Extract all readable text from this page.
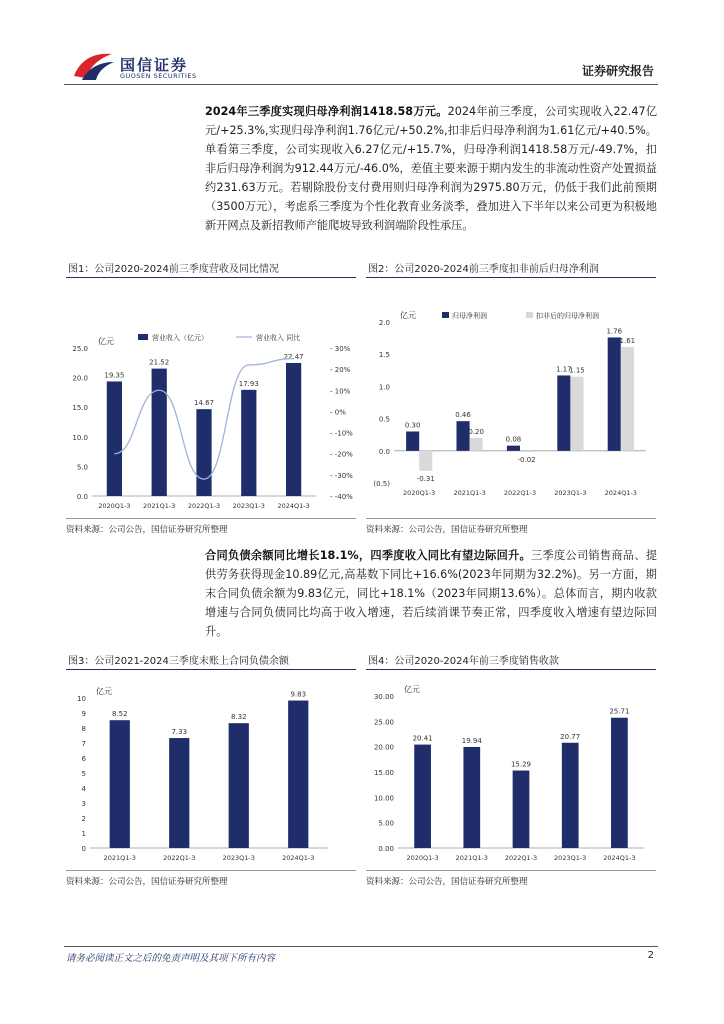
国信证券
GUOSEN SECURITIES	证券研究报告
2024年三季度实现归母净利润1418.58万元。2024年前三季度，公司实现收入22.47亿元/+25.3%,实现归母净利润1.76亿元/+50.2%,扣非后归母净利润为1.61亿元/+40.5%。单看第三季度，公司实现收入6.27亿元/+15.7%，归母净利润1418.58万元/-49.7%，扣非后归母净利润为912.44万元/-46.0%，差值主要来源于期内发生的非流动性资产处置损益约231.63万元。若剔除股份支付费用则归母净利润为2975.80万元，仍低于我们此前预期（3500万元），考虑系三季度为个性化教育业务淡季，叠加进入下半年以来公司更为积极地新开网点及新招教师产能爬坡导致利润端阶段性承压。
图1：公司2020-2024前三季度营收及同比情况
亿元
0.0
5.0
10.0
15.0
20.0
25.0
19.35
21.52
14.67
17.93
22.47
2020Q1-3 2021Q1-3 2022Q1-3 2023Q1-3 2024Q1-3
- 30%
- 20%
- 10%
- 0%
- -10%
- -20%
- -30%
- -40%
营业收入（亿元）	营业收入 同比
资料来源：公司公告，国信证券研究所整理
图2：公司2020-2024前三季度扣非前后归母净利润
亿元
(0.5)
0.0
0.5
1.0
1.5
2.0
0.30
0.46
0.08
1.17
1.76
-0.31
0.20
-0.02
1.15
1.61
2020Q1-3	2021Q1-3	2022Q1-3	2023Q1-3	2024Q1-3
归母净利润	扣非后的归母净利润
资料来源：公司公告，国信证券研究所整理
合同负债余额同比增长18.1%，四季度收入同比有望边际回升。三季度公司销售商品、提供劳务获得现金10.89亿元,高基数下同比+16.6%(2023年同期为32.2%)。另一方面，期末合同负债余额为9.83亿元，同比+18.1%（2023年同期13.6%）。总体而言，期内收款增速与合同负债同比均高于收入增速，若后续消课节奏正常，四季度收入增速有望边际回升。
图3：公司2021-2024三季度末账上合同负债余额
亿元
0
1
2
3
4
5
6
7
8
9
10
8.52
7.33
8.32
9.83
2021Q1-3	2022Q1-3	2023Q1-3	2024Q1-3
资料来源：公司公告，国信证券研究所整理
图4：公司2020-2024年前三季度销售收款
亿元
0.00
5.00
10.00
15.00
20.00
25.00
30.00
20.41	19.94
15.29
20.77
25.71
2020Q1-3	2021Q1-3	2022Q1-3	2023Q1-3	2024Q1-3
资料来源：公司公告，国信证券研究所整理
请务必阅读正文之后的免责声明及其项下所有内容	2
